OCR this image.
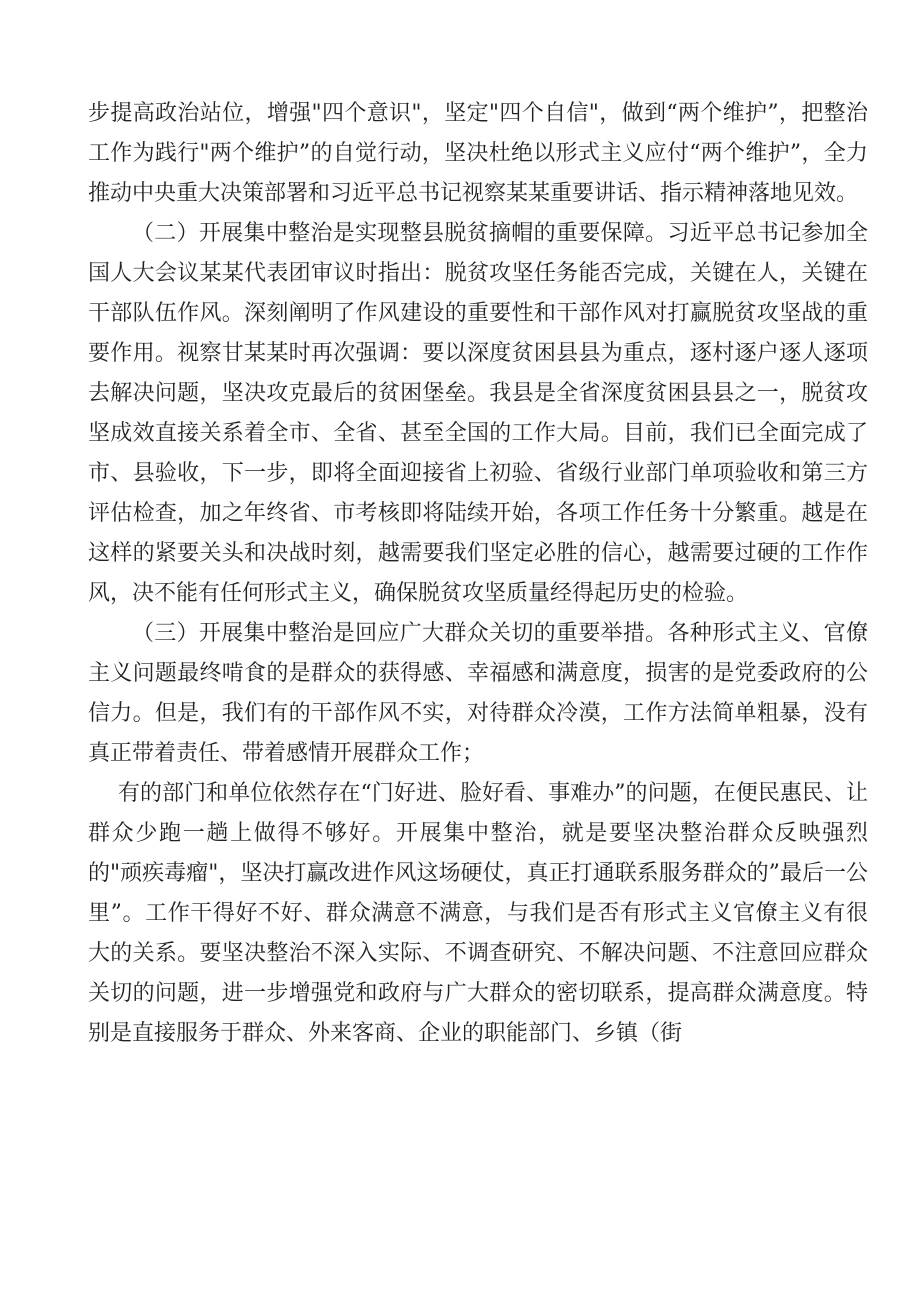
步提高政治站位，增强"四个意识"，坚定"四个自信"，做到“两个维护”，把整治工作为践行"两个维护”的自觉行动，坚决杜绝以形式主义应付“两个维护”，全力推动中央重大决策部署和习近平总书记视察某某重要讲话、指示精神落地见效。

（二）开展集中整治是实现整县脱贫摘帽的重要保障。习近平总书记参加全国人大会议某某代表团审议时指出：脱贫攻坚任务能否完成，关键在人，关键在干部队伍作风。深刻阐明了作风建设的重要性和干部作风对打赢脱贫攻坚战的重要作用。视察甘某某时再次强调：要以深度贫困县县为重点，逐村逐户逐人逐项去解决问题，坚决攻克最后的贫困堡垒。我县是全省深度贫困县县之一，脱贫攻坚成效直接关系着全市、全省、甚至全国的工作大局。目前，我们已全面完成了市、县验收，下一步，即将全面迎接省上初验、省级行业部门单项验收和第三方评估检查，加之年终省、市考核即将陆续开始，各项工作任务十分繁重。越是在这样的紧要关头和决战时刻，越需要我们坚定必胜的信心，越需要过硬的工作作风，决不能有任何形式主义，确保脱贫攻坚质量经得起历史的检验。

（三）开展集中整治是回应广大群众关切的重要举措。各种形式主义、官僚主义问题最终啃食的是群众的获得感、幸福感和满意度，损害的是党委政府的公信力。但是，我们有的干部作风不实，对待群众冷漠，工作方法简单粗暴，没有真正带着责任、带着感情开展群众工作；

有的部门和单位依然存在“门好进、脸好看、事难办”的问题，在便民惠民、让群众少跑一趟上做得不够好。开展集中整治，就是要坚决整治群众反映强烈的"顽疾毒瘤"，坚决打赢改进作风这场硬仗，真正打通联系服务群众的”最后一公里”。工作干得好不好、群众满意不满意，与我们是否有形式主义官僚主义有很大的关系。要坚决整治不深入实际、不调查研究、不解决问题、不注意回应群众关切的问题，进一步增强党和政府与广大群众的密切联系，提高群众满意度。特别是直接服务于群众、外来客商、企业的职能部门、乡镇（街
